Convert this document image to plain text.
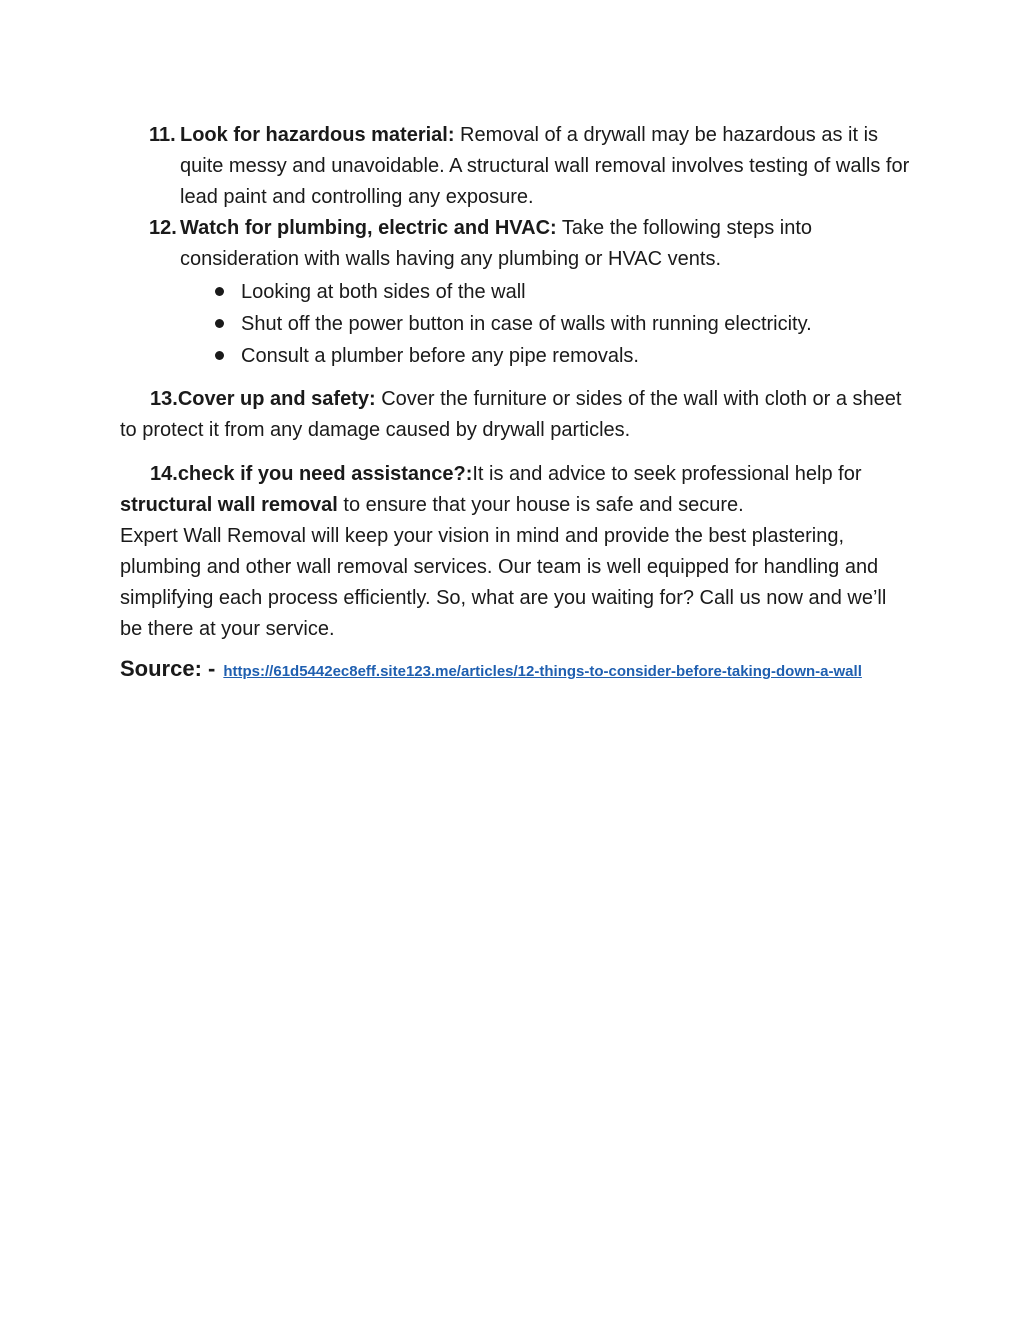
11. Look for hazardous material: Removal of a drywall may be hazardous as it is quite messy and unavoidable. A structural wall removal involves testing of walls for lead paint and controlling any exposure.

12. Watch for plumbing, electric and HVAC: Take the following steps into consideration with walls having any plumbing or HVAC vents.

Looking at both sides of the wall
Shut off the power button in case of walls with running electricity.
Consult a plumber before any pipe removals.

13.Cover up and safety: Cover the furniture or sides of the wall with cloth or a sheet to protect it from any damage caused by drywall particles.

14.check if you need assistance?:It is and advice to seek professional help for structural wall removal to ensure that your house is safe and secure.

Expert Wall Removal will keep your vision in mind and provide the best plastering, plumbing and other wall removal services. Our team is well equipped for handling and simplifying each process efficiently. So, what are you waiting for? Call us now and we’ll be there at your service.

Source: - https://61d5442ec8eff.site123.me/articles/12-things-to-consider-before-taking-down-a-wall
